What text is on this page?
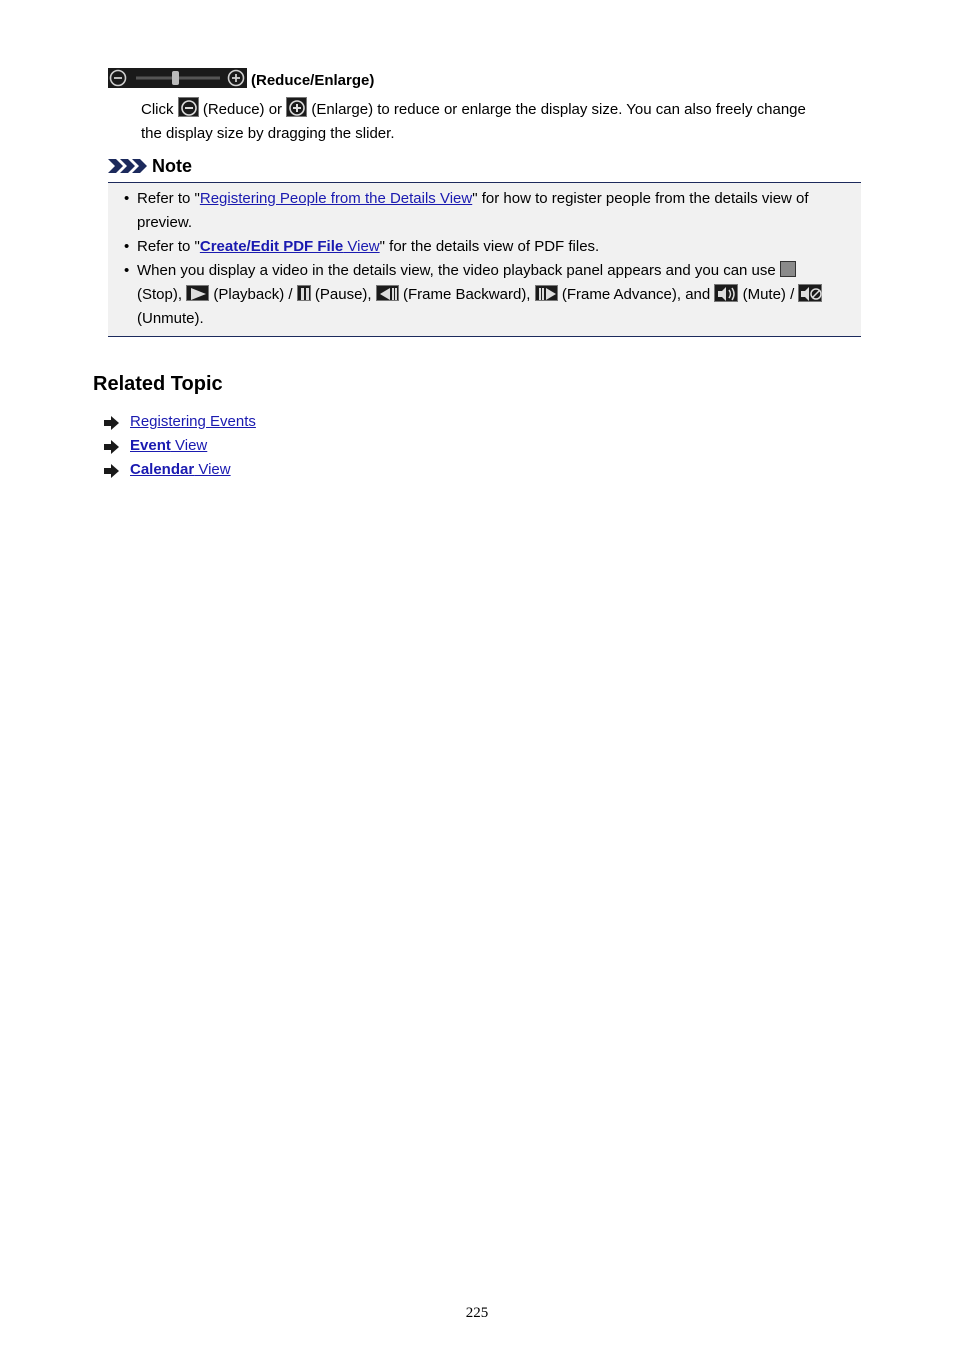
(Reduce/Enlarge)
Click (Reduce) or (Enlarge) to reduce or enlarge the display size. You can also freely change
the display size by dragging the slider.
Note
• Refer to "Registering People from the Details View" for how to register people from the details view of
preview.
• Refer to "Create/Edit PDF File View" for the details view of PDF files.
• When you display a video in the details view, the video playback panel appears and you can use
(Stop), (Playback) / (Pause), (Frame Backward), (Frame Advance), and (Mute) /

(Unmute).
Related Topic
Registering Events
Event View
Calendar View
225
